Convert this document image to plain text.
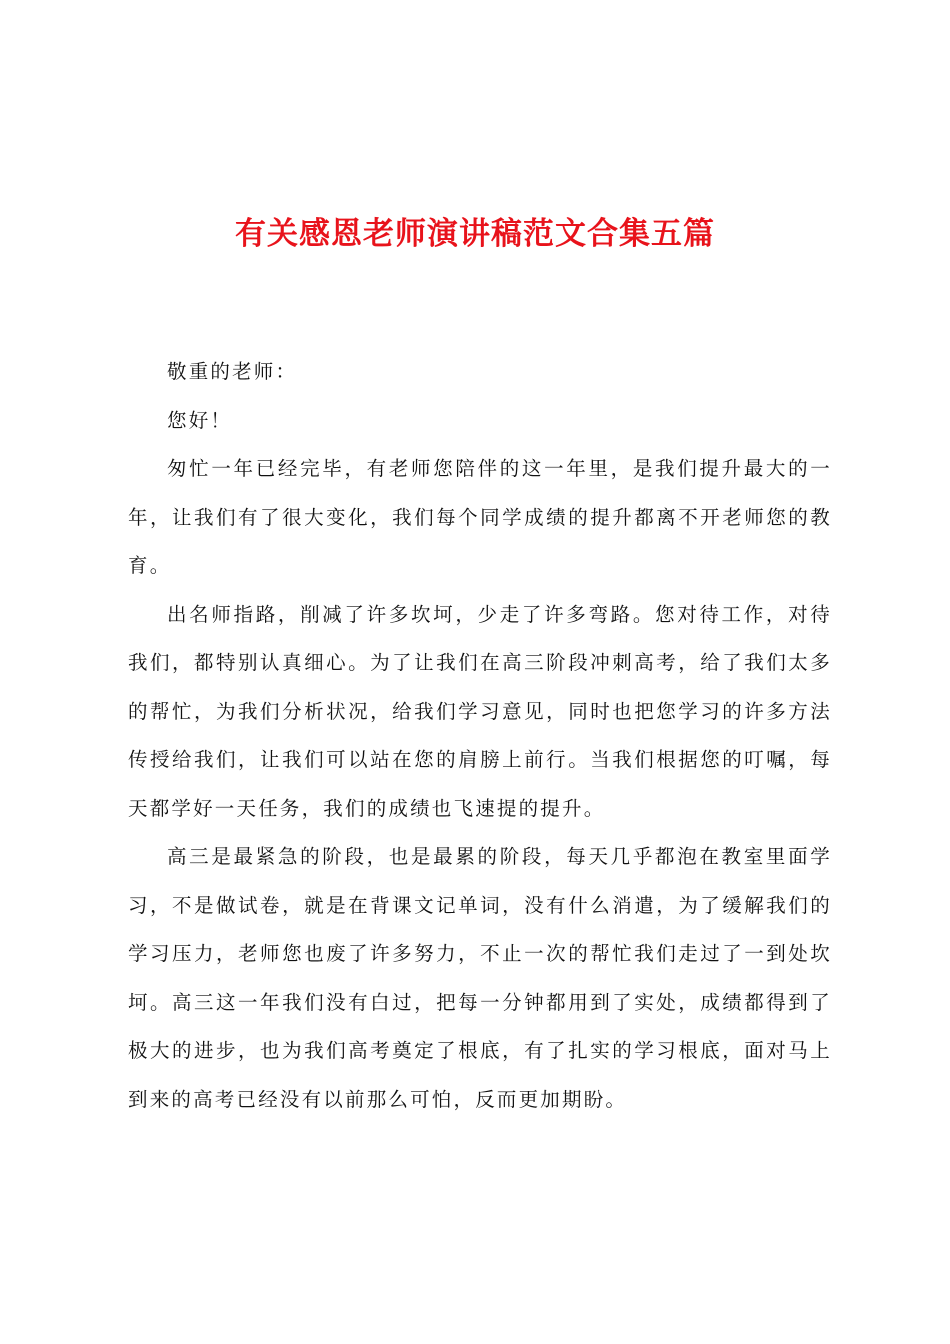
有关感恩老师演讲稿范文合集五篇

敬重的老师：

您好！

匆忙一年已经完毕，有老师您陪伴的这一年里，是我们提升最大的一年，让我们有了很大变化，我们每个同学成绩的提升都离不开老师您的教育。

出名师指路，削减了许多坎坷，少走了许多弯路。您对待工作，对待我们，都特别认真细心。为了让我们在高三阶段冲刺高考，给了我们太多的帮忙，为我们分析状况，给我们学习意见，同时也把您学习的许多方法传授给我们，让我们可以站在您的肩膀上前行。当我们根据您的叮嘱，每天都学好一天任务，我们的成绩也飞速提的提升。

高三是最紧急的阶段，也是最累的阶段，每天几乎都泡在教室里面学习，不是做试卷，就是在背课文记单词，没有什么消遣，为了缓解我们的学习压力，老师您也废了许多努力，不止一次的帮忙我们走过了一到处坎坷。高三这一年我们没有白过，把每一分钟都用到了实处，成绩都得到了极大的进步，也为我们高考奠定了根底，有了扎实的学习根底，面对马上到来的高考已经没有以前那么可怕，反而更加期盼。
